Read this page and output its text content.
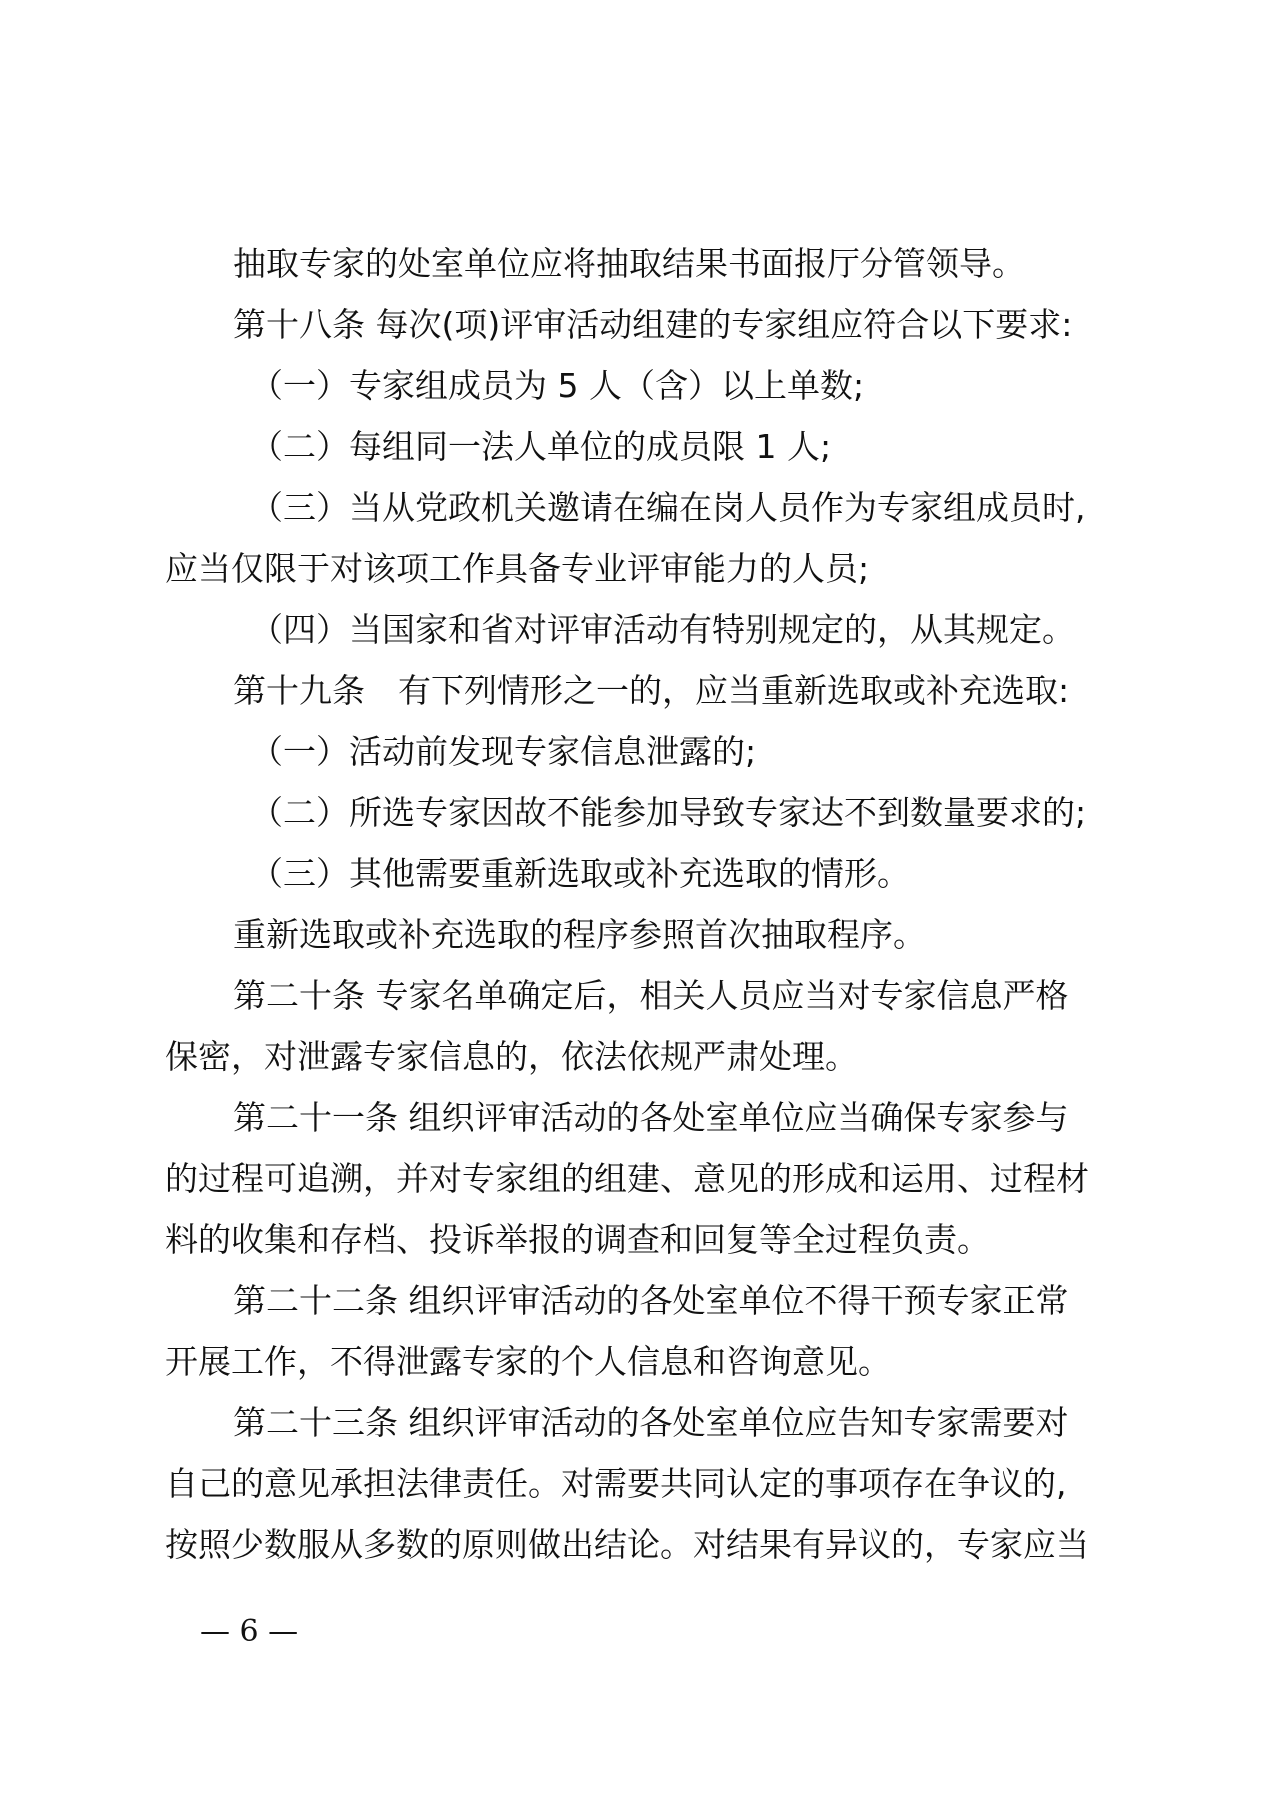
抽取专家的处室单位应将抽取结果书面报厅分管领导。
第十八条 每次(项)评审活动组建的专家组应符合以下要求:
（一）专家组成员为 5 人（含）以上单数;
（二）每组同一法人单位的成员限 1 人;
（三）当从党政机关邀请在编在岗人员作为专家组成员时,
应当仅限于对该项工作具备专业评审能力的人员;
（四）当国家和省对评审活动有特别规定的，从其规定。
第十九条　有下列情形之一的，应当重新选取或补充选取:
（一）活动前发现专家信息泄露的;
（二）所选专家因故不能参加导致专家达不到数量要求的;
（三）其他需要重新选取或补充选取的情形。
重新选取或补充选取的程序参照首次抽取程序。
第二十条 专家名单确定后，相关人员应当对专家信息严格
保密，对泄露专家信息的，依法依规严肃处理。
第二十一条 组织评审活动的各处室单位应当确保专家参与
的过程可追溯，并对专家组的组建、意见的形成和运用、过程材
料的收集和存档、投诉举报的调查和回复等全过程负责。
第二十二条 组织评审活动的各处室单位不得干预专家正常
开展工作，不得泄露专家的个人信息和咨询意见。
第二十三条 组织评审活动的各处室单位应告知专家需要对
自己的意见承担法律责任。对需要共同认定的事项存在争议的,
按照少数服从多数的原则做出结论。对结果有异议的，专家应当
— 6 —
